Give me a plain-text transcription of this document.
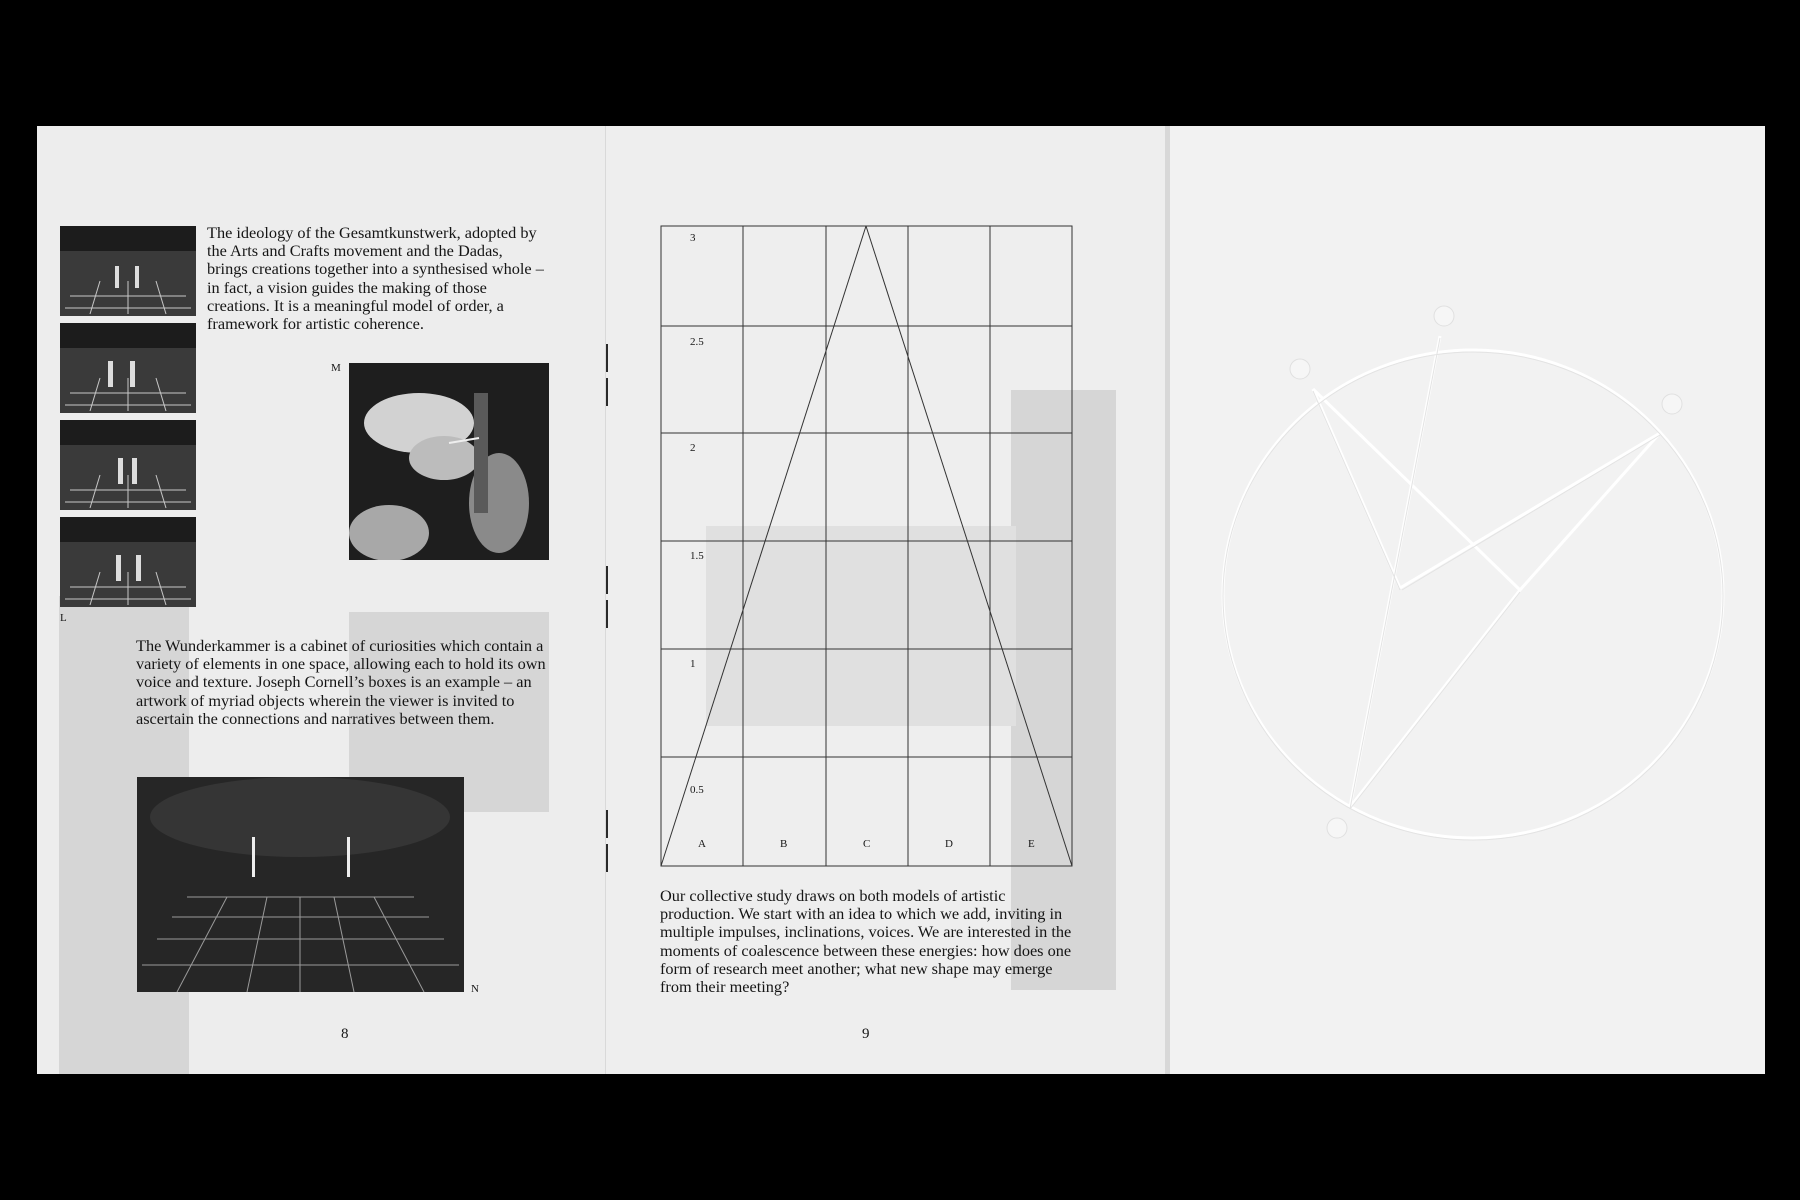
L
The ideology of the Gesamtkunstwerk, adopted by the Arts and Crafts movement and the Dadas, brings creations together into a synthesised whole – in fact, a vision guides the making of those creations. It is a meaningful model of order, a framework for artistic coherence.
M
The Wunderkammer is a cabinet of curiosities which contain a variety of elements in one space, allowing each to hold its own voice and texture. Joseph Cornell’s boxes is an example – an artwork of myriad objects wherein the viewer is invited to ascertain the connections and narratives between them.
N
8
3
2.5
2
1.5
1
0.5
A	B	C	D	E
Our collective study draws on both models of artistic production. We start with an idea to which we add, inviting in multiple impulses, inclinations, voices. We are interested in the moments of coalescence between these energies: how does one form of research meet another; what new shape may emerge from their meeting?
9
